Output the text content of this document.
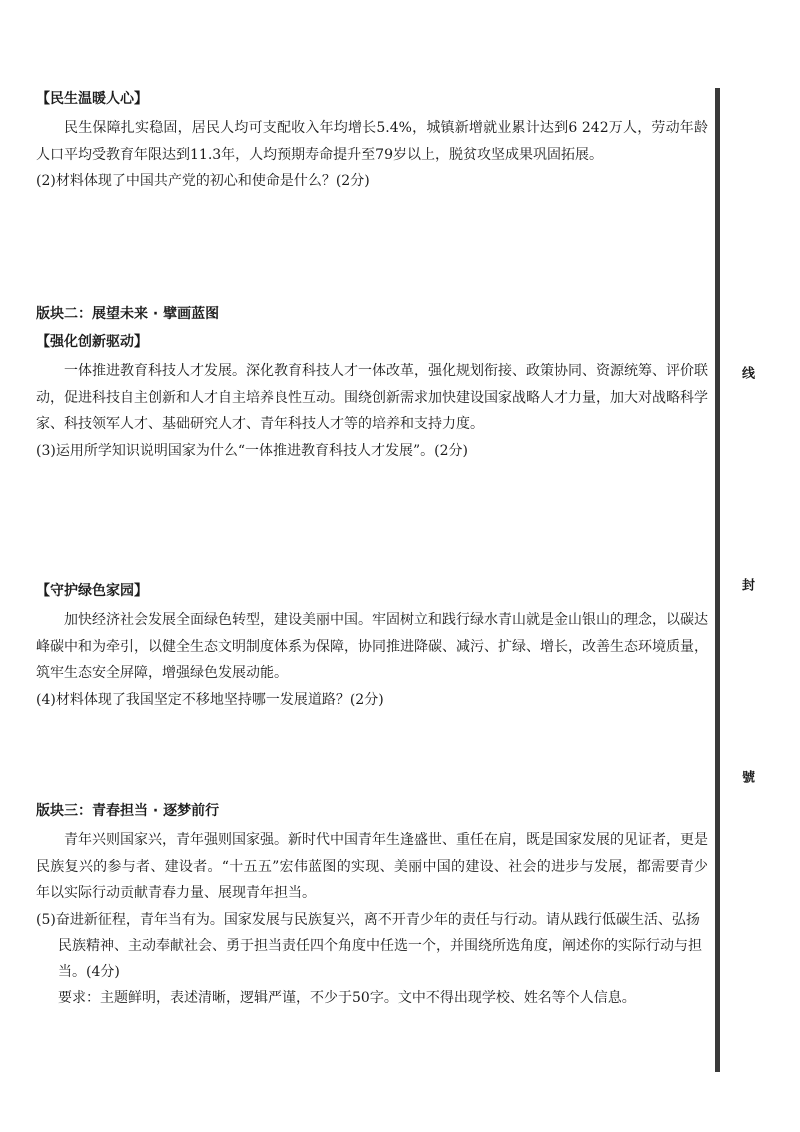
【民生温暖人心】

民生保障扎实稳固，居民人均可支配收入年均增长5.4%，城镇新增就业累计达到6 242万人，劳动年龄人口平均受教育年限达到11.3年，人均预期寿命提升至79岁以上，脱贫攻坚成果巩固拓展。

(2)材料体现了中国共产党的初心和使命是什么？(2分)

版块二：展望未来 · 擘画蓝图

【强化创新驱动】

一体推进教育科技人才发展。深化教育科技人才一体改革，强化规划衔接、政策协同、资源统筹、评价联动，促进科技自主创新和人才自主培养良性互动。围绕创新需求加快建设国家战略人才力量，加大对战略科学家、科技领军人才、基础研究人才、青年科技人才等的培养和支持力度。

(3)运用所学知识说明国家为什么“一体推进教育科技人才发展”。(2分)

【守护绿色家园】

加快经济社会发展全面绿色转型，建设美丽中国。牢固树立和践行绿水青山就是金山银山的理念，以碳达峰碳中和为牵引，以健全生态文明制度体系为保障，协同推进降碳、减污、扩绿、增长，改善生态环境质量，筑牢生态安全屏障，增强绿色发展动能。

(4)材料体现了我国坚定不移地坚持哪一发展道路？(2分)

版块三：青春担当 · 逐梦前行

青年兴则国家兴，青年强则国家强。新时代中国青年生逢盛世、重任在肩，既是国家发展的见证者，更是民族复兴的参与者、建设者。“十五五”宏伟蓝图的实现、美丽中国的建设、社会的进步与发展，都需要青少年以实际行动贡献青春力量、展现青年担当。

(5)奋进新征程，青年当有为。国家发展与民族复兴，离不开青少年的责任与行动。请从践行低碳生活、弘扬民族精神、主动奉献社会、勇于担当责任四个角度中任选一个，并围绕所选角度，阐述你的实际行动与担当。(4分)

要求：主题鲜明，表述清晰，逻辑严谨，不少于50字。文中不得出现学校、姓名等个人信息。

线
封
號
